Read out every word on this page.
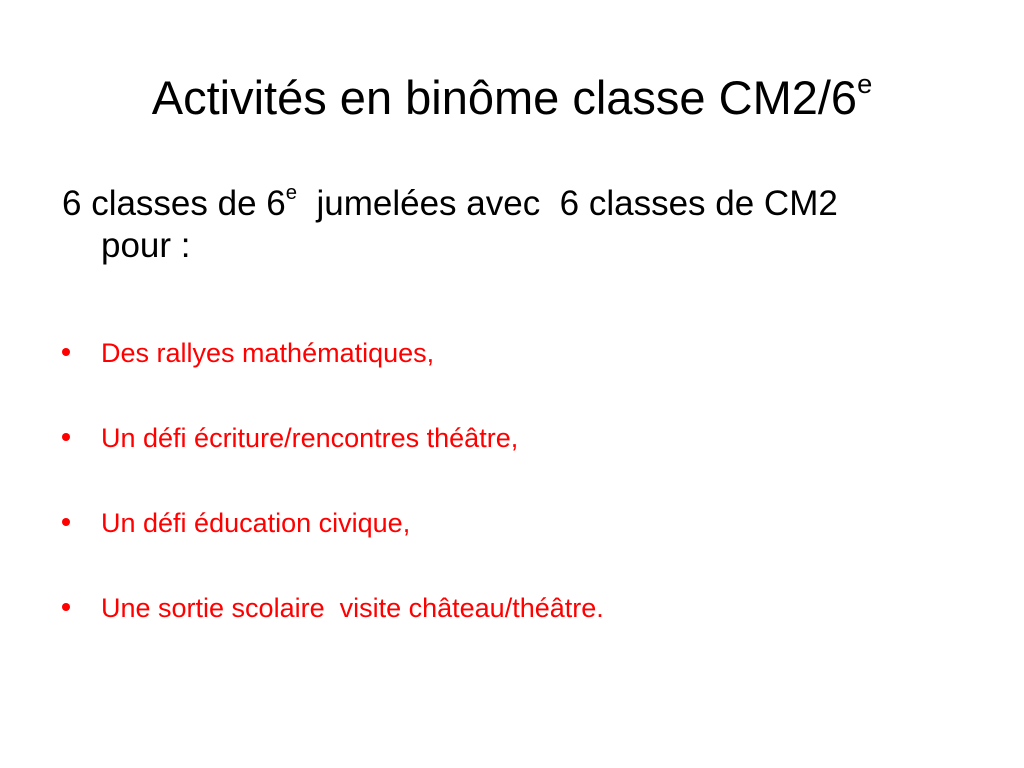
Activités en binôme classe CM2/6e

6 classes de 6e  jumelées avec  6 classes de CM2
pour :

Des rallyes mathématiques,
Un défi écriture/rencontres théâtre,
Un défi éducation civique,
Une sortie scolaire  visite château/théâtre.
